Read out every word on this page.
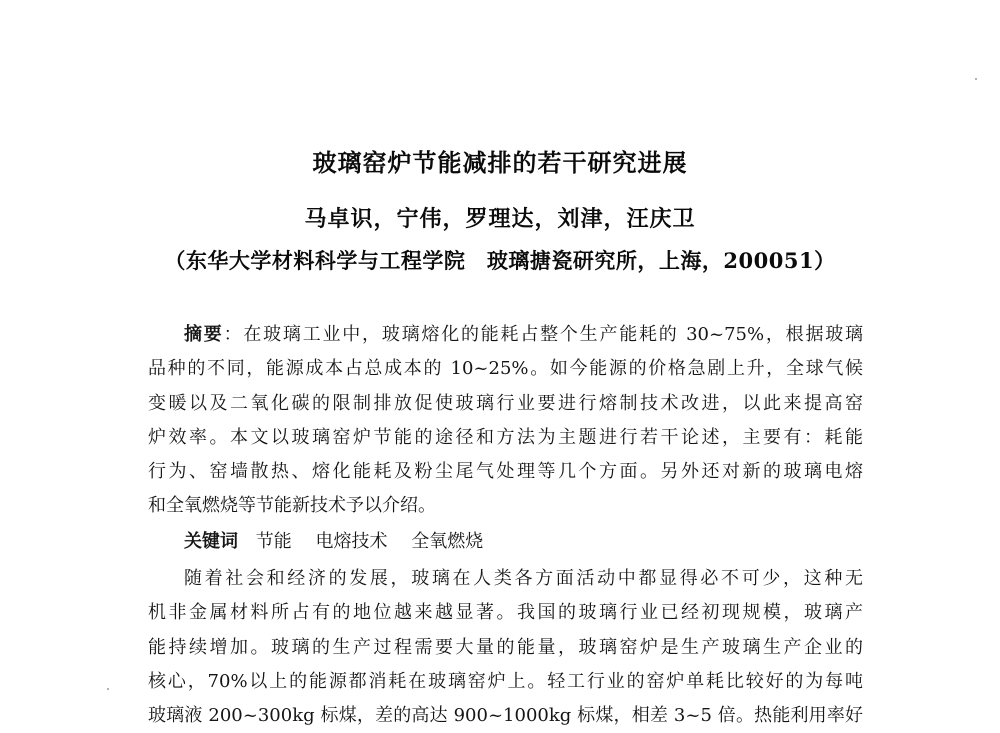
玻璃窑炉节能减排的若干研究进展
马卓识，宁伟，罗理达，刘津，汪庆卫
（东华大学材料科学与工程学院　玻璃搪瓷研究所，上海，200051）
摘要：在玻璃工业中，玻璃熔化的能耗占整个生产能耗的 30~75%，根据玻璃
品种的不同，能源成本占总成本的 10~25%。如今能源的价格急剧上升，全球气候
变暖以及二氧化碳的限制排放促使玻璃行业要进行熔制技术改进，以此来提高窑
炉效率。本文以玻璃窑炉节能的途径和方法为主题进行若干论述，主要有：耗能
行为、窑墙散热、熔化能耗及粉尘尾气处理等几个方面。另外还对新的玻璃电熔
和全氧燃烧等节能新技术予以介绍。
关键词 节能 电熔技术 全氧燃烧
随着社会和经济的发展，玻璃在人类各方面活动中都显得必不可少，这种无
机非金属材料所占有的地位越来越显著。我国的玻璃行业已经初现规模，玻璃产
能持续增加。玻璃的生产过程需要大量的能量，玻璃窑炉是生产玻璃生产企业的
核心，70%以上的能源都消耗在玻璃窑炉上。轻工行业的窑炉单耗比较好的为每吨
玻璃液 200~300kg 标煤，差的高达 900~1000kg 标煤，相差 3~5 倍。热能利用率好
